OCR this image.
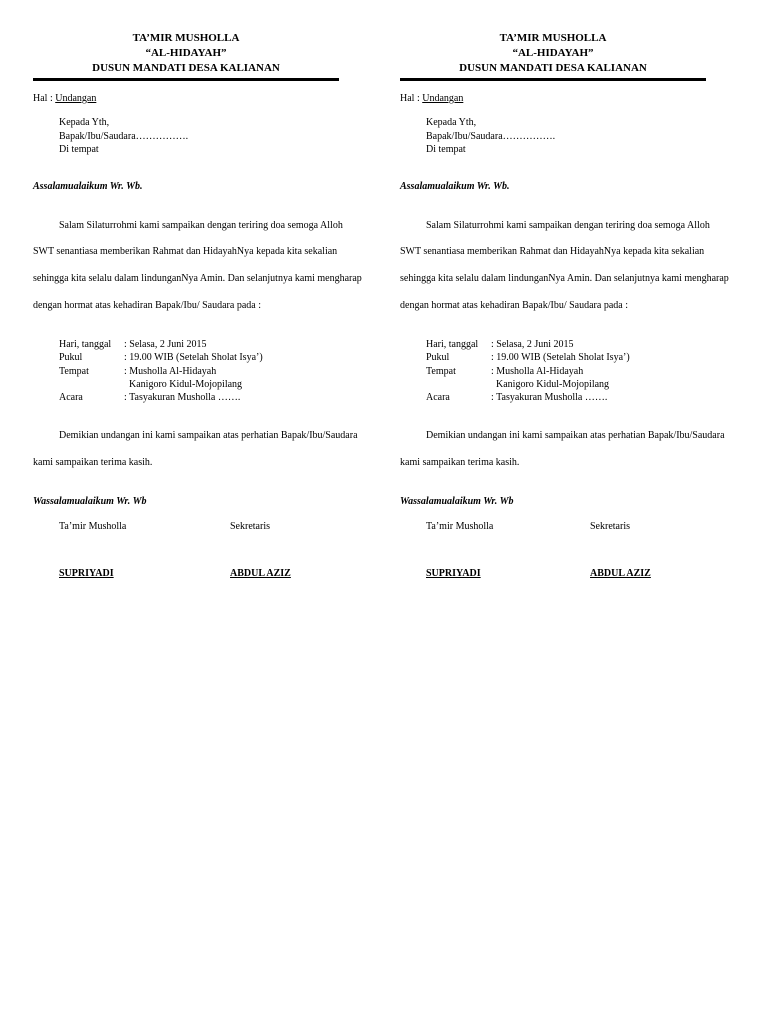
TA’MIR MUSHOLLA
“AL-HIDAYAH”
DUSUN MANDATI DESA KALIANAN
Hal : Undangan
Kepada Yth,
Bapak/Ibu/Saudara…………….
Di tempat
Assalamualaikum Wr. Wb.

Salam Silaturrohmi kami sampaikan dengan teriring doa semoga Alloh

SWT senantiasa memberikan Rahmat dan HidayahNya kepada kita sekalian

sehingga kita selalu dalam lindunganNya Amin. Dan selanjutnya kami mengharap

dengan hormat atas kehadiran Bapak/Ibu/ Saudara pada :

Hari, tanggal	: Selasa, 2 Juni 2015
Pukul	: 19.00 WIB (Setelah Sholat Isya’)
Tempat	: Musholla Al-Hidayah
Kanigoro Kidul-Mojopilang
Acara	: Tasyakuran Musholla …….

Demikian undangan ini kami sampaikan atas perhatian Bapak/Ibu/Saudara

kami sampaikan terima kasih.

Wassalamualaikum Wr. Wb
Ta’mir Musholla	Sekretaris
SUPRIYADI	ABDUL AZIZ
TA’MIR MUSHOLLA
“AL-HIDAYAH”
DUSUN MANDATI DESA KALIANAN
Hal : Undangan
Kepada Yth,
Bapak/Ibu/Saudara…………….
Di tempat
Assalamualaikum Wr. Wb.

Salam Silaturrohmi kami sampaikan dengan teriring doa semoga Alloh

SWT senantiasa memberikan Rahmat dan HidayahNya kepada kita sekalian

sehingga kita selalu dalam lindunganNya Amin. Dan selanjutnya kami mengharap

dengan hormat atas kehadiran Bapak/Ibu/ Saudara pada :

Hari, tanggal	: Selasa, 2 Juni 2015
Pukul	: 19.00 WIB (Setelah Sholat Isya’)
Tempat	: Musholla Al-Hidayah
Kanigoro Kidul-Mojopilang
Acara	: Tasyakuran Musholla …….

Demikian undangan ini kami sampaikan atas perhatian Bapak/Ibu/Saudara

kami sampaikan terima kasih.

Wassalamualaikum Wr. Wb
Ta’mir Musholla	Sekretaris
SUPRIYADI	ABDUL AZIZ
